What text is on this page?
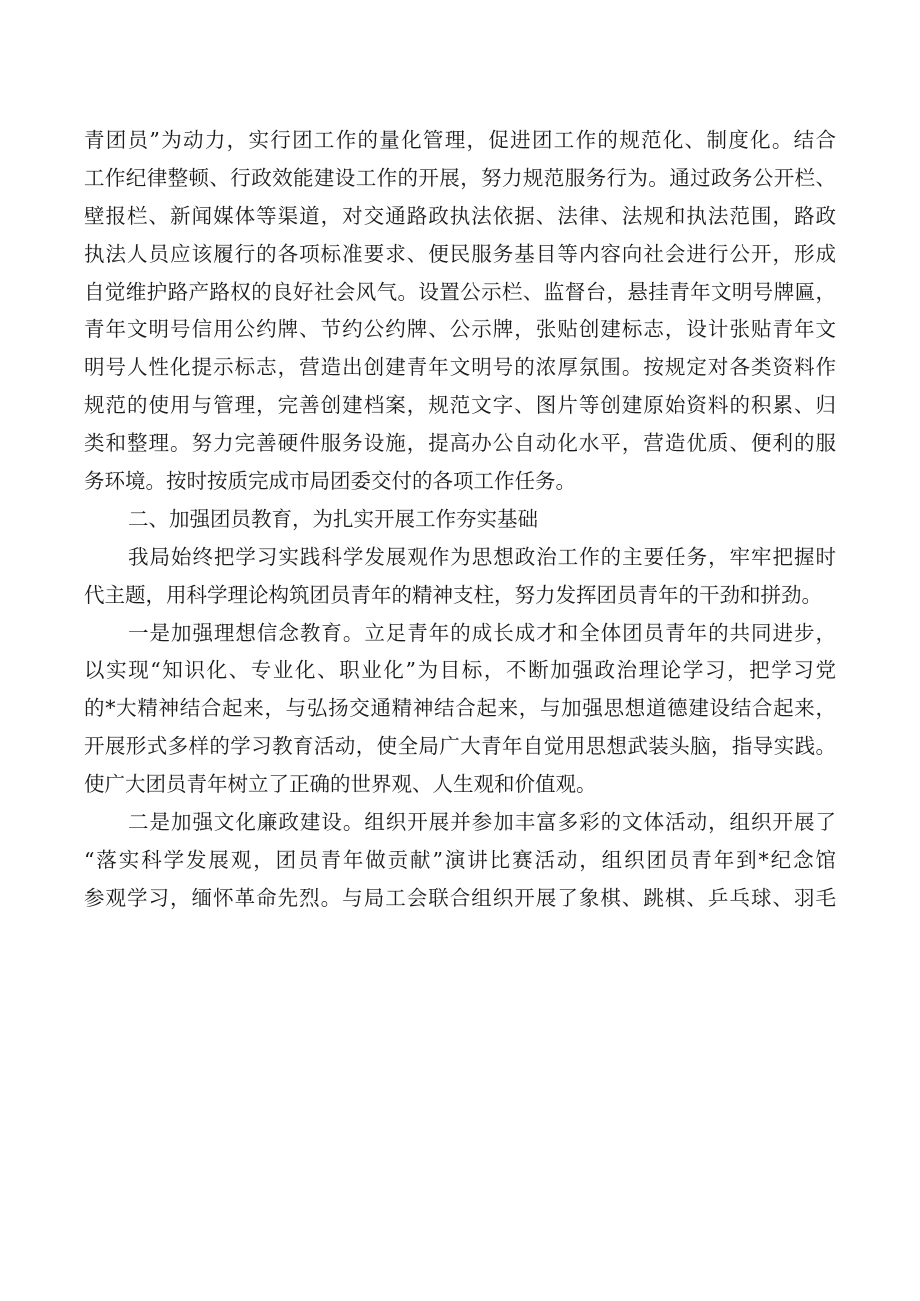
青团员”为动力，实行团工作的量化管理，促进团工作的规范化、制度化。结合
工作纪律整顿、行政效能建设工作的开展，努力规范服务行为。通过政务公开栏、
壁报栏、新闻媒体等渠道，对交通路政执法依据、法律、法规和执法范围，路政
执法人员应该履行的各项标准要求、便民服务基目等内容向社会进行公开，形成
自觉维护路产路权的良好社会风气。设置公示栏、监督台，悬挂青年文明号牌匾，
青年文明号信用公约牌、节约公约牌、公示牌，张贴创建标志，设计张贴青年文
明号人性化提示标志，营造出创建青年文明号的浓厚氛围。按规定对各类资料作
规范的使用与管理，完善创建档案，规范文字、图片等创建原始资料的积累、归
类和整理。努力完善硬件服务设施，提高办公自动化水平，营造优质、便利的服
务环境。按时按质完成市局团委交付的各项工作任务。
二、加强团员教育，为扎实开展工作夯实基础
我局始终把学习实践科学发展观作为思想政治工作的主要任务，牢牢把握时
代主题，用科学理论构筑团员青年的精神支柱，努力发挥团员青年的干劲和拼劲。
一是加强理想信念教育。立足青年的成长成才和全体团员青年的共同进步，
以实现“知识化、专业化、职业化”为目标，不断加强政治理论学习，把学习党
的*大精神结合起来，与弘扬交通精神结合起来，与加强思想道德建设结合起来，
开展形式多样的学习教育活动，使全局广大青年自觉用思想武装头脑，指导实践。
使广大团员青年树立了正确的世界观、人生观和价值观。
二是加强文化廉政建设。组织开展并参加丰富多彩的文体活动，组织开展了
“落实科学发展观，团员青年做贡献”演讲比赛活动，组织团员青年到*纪念馆
参观学习，缅怀革命先烈。与局工会联合组织开展了象棋、跳棋、乒乓球、羽毛
